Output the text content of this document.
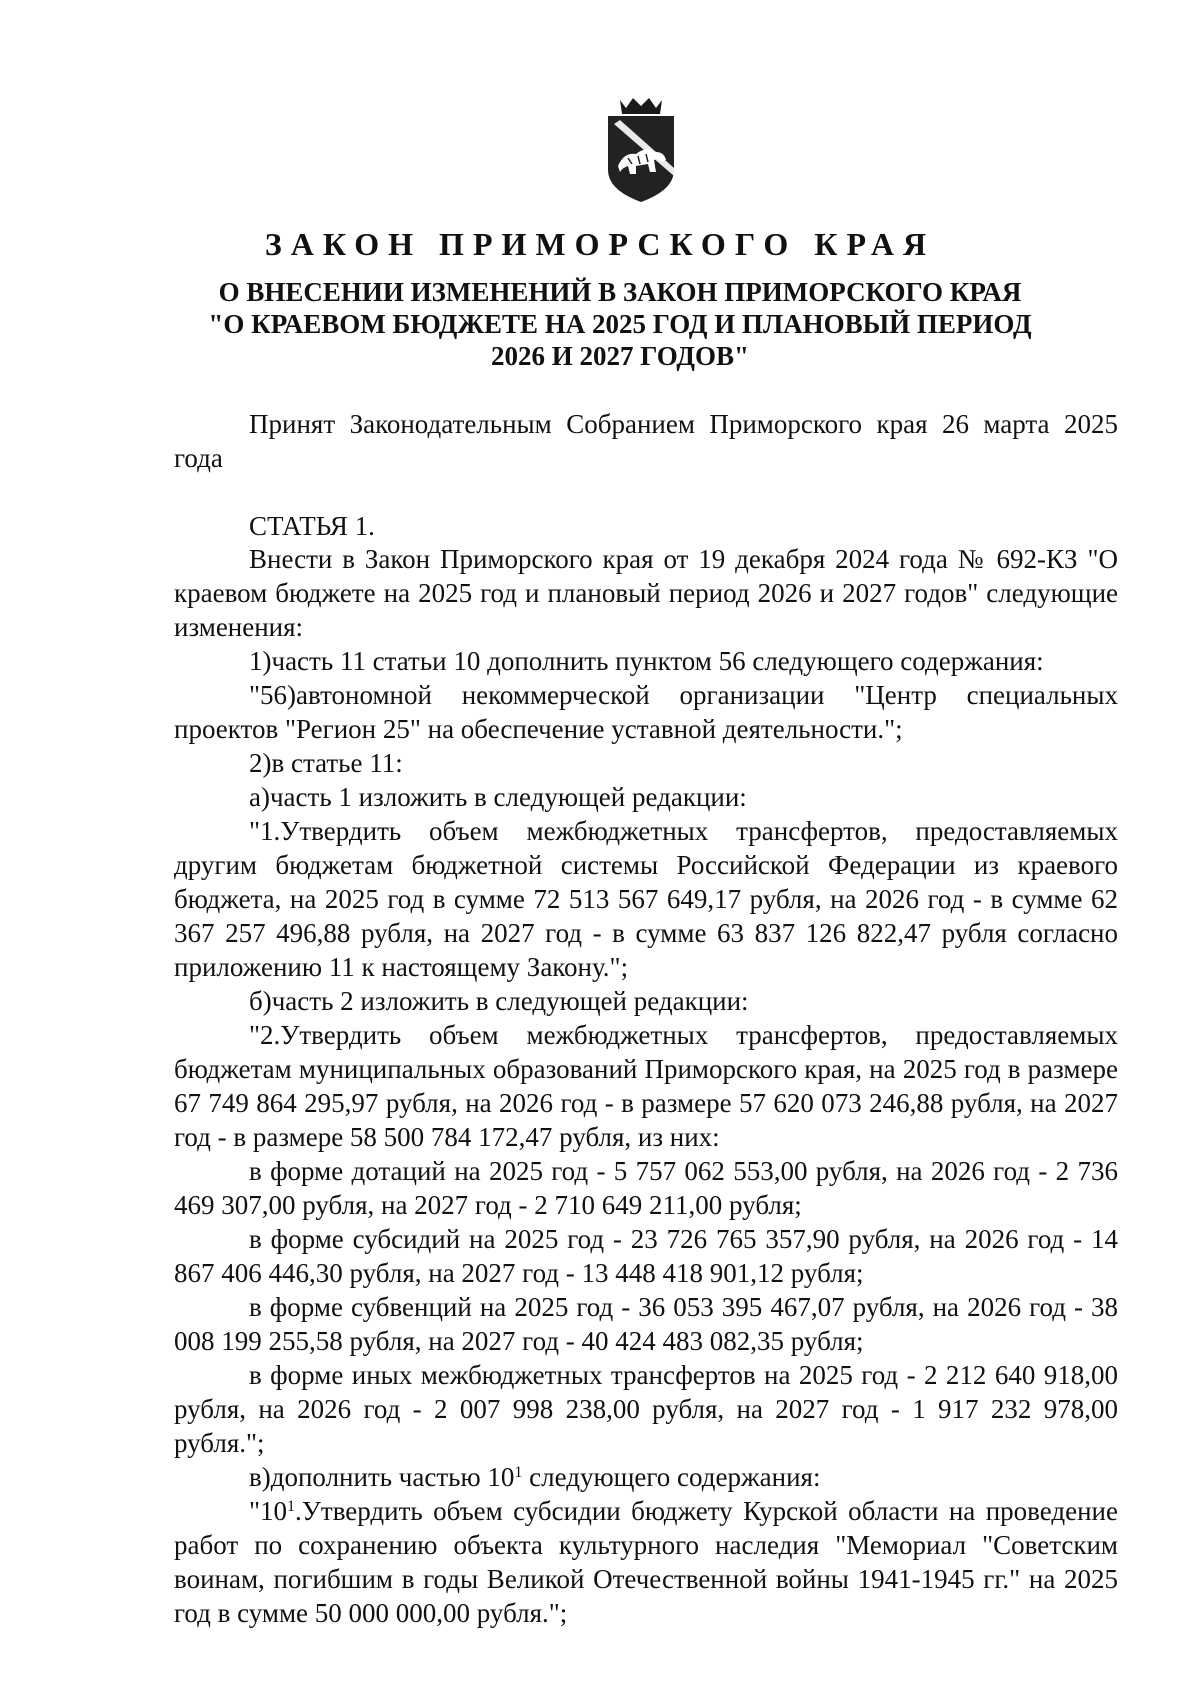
ЗАКОН ПРИМОРСКОГО КРАЯ
О ВНЕСЕНИИ ИЗМЕНЕНИЙ В ЗАКОН ПРИМОРСКОГО КРАЯ
"О КРАЕВОМ БЮДЖЕТЕ НА 2025 ГОД И ПЛАНОВЫЙ ПЕРИОД
2026 И 2027 ГОДОВ"

Принят Законодательным Собранием Приморского края 26 марта 2025 года

СТАТЬЯ 1.

Внести в Закон Приморского края от 19 декабря 2024 года № 692-КЗ "О краевом бюджете на 2025 год и плановый период 2026 и 2027 годов" следующие изменения:

1)часть 11 статьи 10 дополнить пунктом 56 следующего содержания:

"56)автономной некоммерческой организации "Центр специальных проектов "Регион 25" на обеспечение уставной деятельности.";

2)в статье 11:

а)часть 1 изложить в следующей редакции:

"1.Утвердить объем межбюджетных трансфертов, предоставляемых другим бюджетам бюджетной системы Российской Федерации из краевого бюджета, на 2025 год в сумме 72 513 567 649,17 рубля, на 2026 год - в сумме 62 367 257 496,88 рубля, на 2027 год - в сумме 63 837 126 822,47 рубля согласно приложению 11 к настоящему Закону.";

б)часть 2 изложить в следующей редакции:

"2.Утвердить объем межбюджетных трансфертов, предоставляемых бюджетам муниципальных образований Приморского края, на 2025 год в размере 67 749 864 295,97 рубля, на 2026 год - в размере 57 620 073 246,88 рубля, на 2027 год - в размере 58 500 784 172,47 рубля, из них:

в форме дотаций на 2025 год - 5 757 062 553,00 рубля, на 2026 год - 2 736 469 307,00 рубля, на 2027 год - 2 710 649 211,00 рубля;

в форме субсидий на 2025 год - 23 726 765 357,90 рубля, на 2026 год - 14 867 406 446,30 рубля, на 2027 год - 13 448 418 901,12 рубля;

в форме субвенций на 2025 год - 36 053 395 467,07 рубля, на 2026 год - 38 008 199 255,58 рубля, на 2027 год - 40 424 483 082,35 рубля;

в форме иных межбюджетных трансфертов на 2025 год - 2 212 640 918,00 рубля, на 2026 год - 2 007 998 238,00 рубля, на 2027 год - 1 917 232 978,00 рубля.";

в)дополнить частью $10^1$ следующего содержания:

"$10^1.Утвердить$ объем субсидии бюджету Курской области на проведение работ по сохранению объекта культурного наследия "Мемориал "Советским воинам, погибшим в годы Великой Отечественной войны 1941-1945 гг." на 2025 год в сумме 50 000 000,00 рубля.";
